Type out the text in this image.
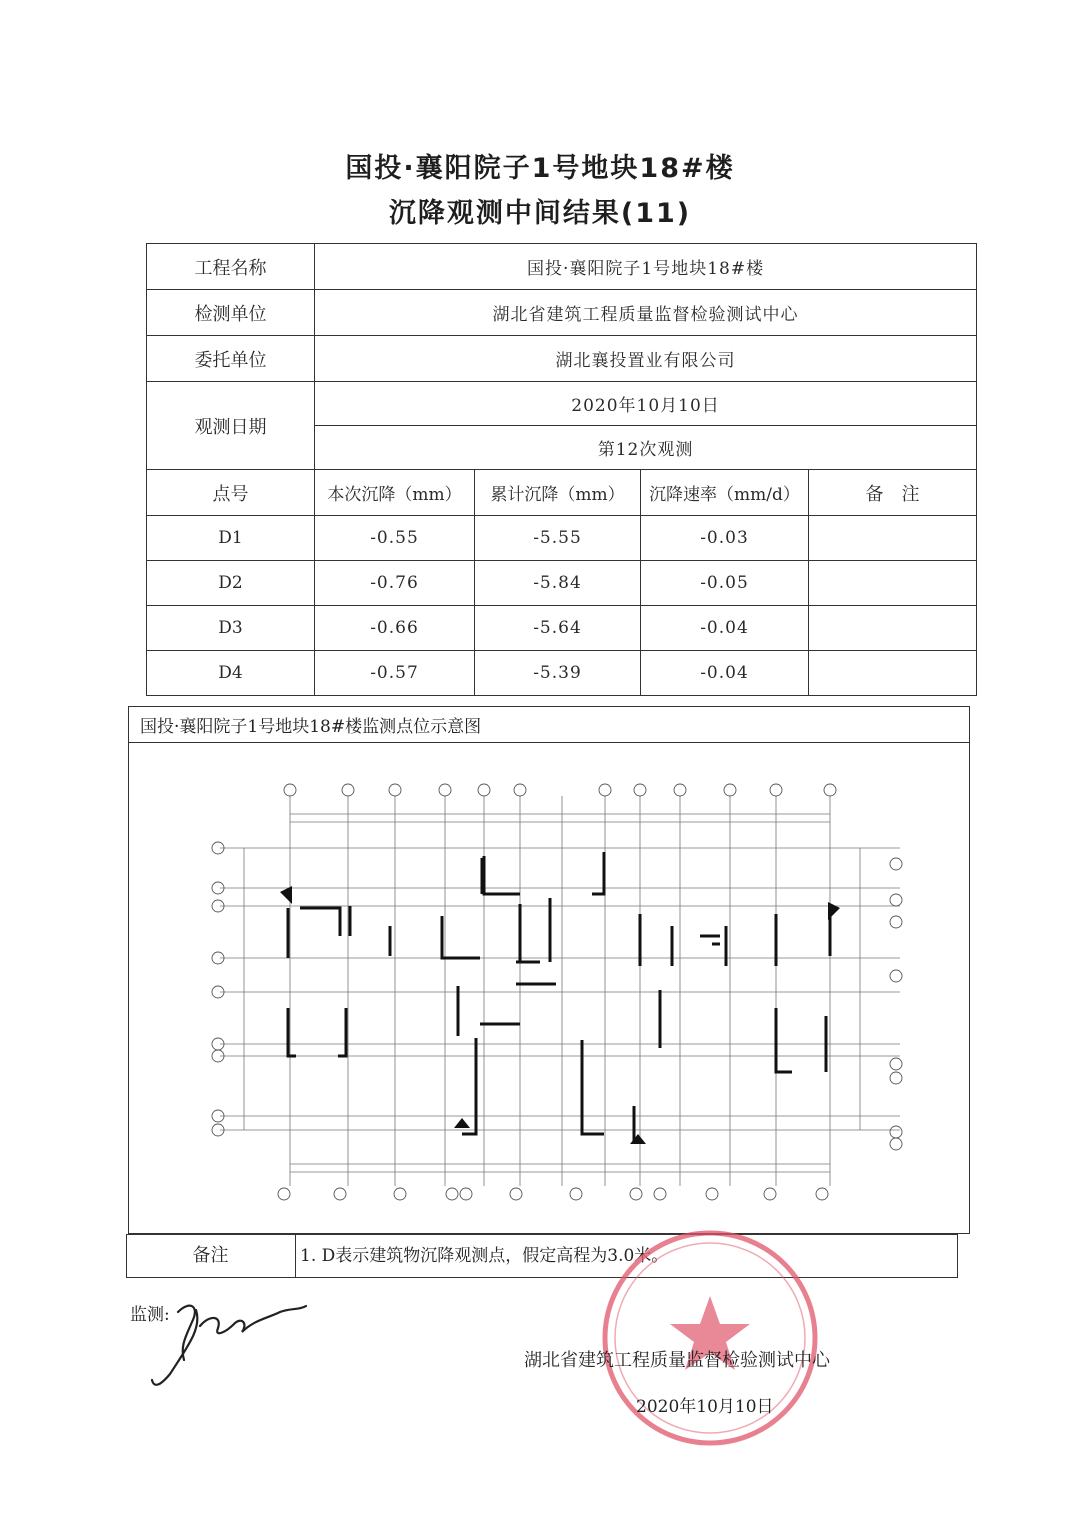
国投·襄阳院子1号地块18#楼
沉降观测中间结果(11)
工程名称	国投·襄阳院子1号地块18#楼			
检测单位	湖北省建筑工程质量监督检验测试中心			
委托单位	湖北襄投置业有限公司			
观测日期	2020年10月10日			
	第12次观测			
点号	本次沉降（mm）	累计沉降（mm）	沉降速率（mm/d）	备　注
D1	-0.55	-5.55	-0.03	
D2	-0.76	-5.84	-0.05	
D3	-0.66	-5.64	-0.04	
D4	-0.57	-5.39	-0.04	
国投·襄阳院子1号地块18#楼监测点位示意图
备注	1. D表示建筑物沉降观测点，假定高程为3.0米。
监测:
湖北省建筑工程质量监督检验测试中心
2020年10月10日
